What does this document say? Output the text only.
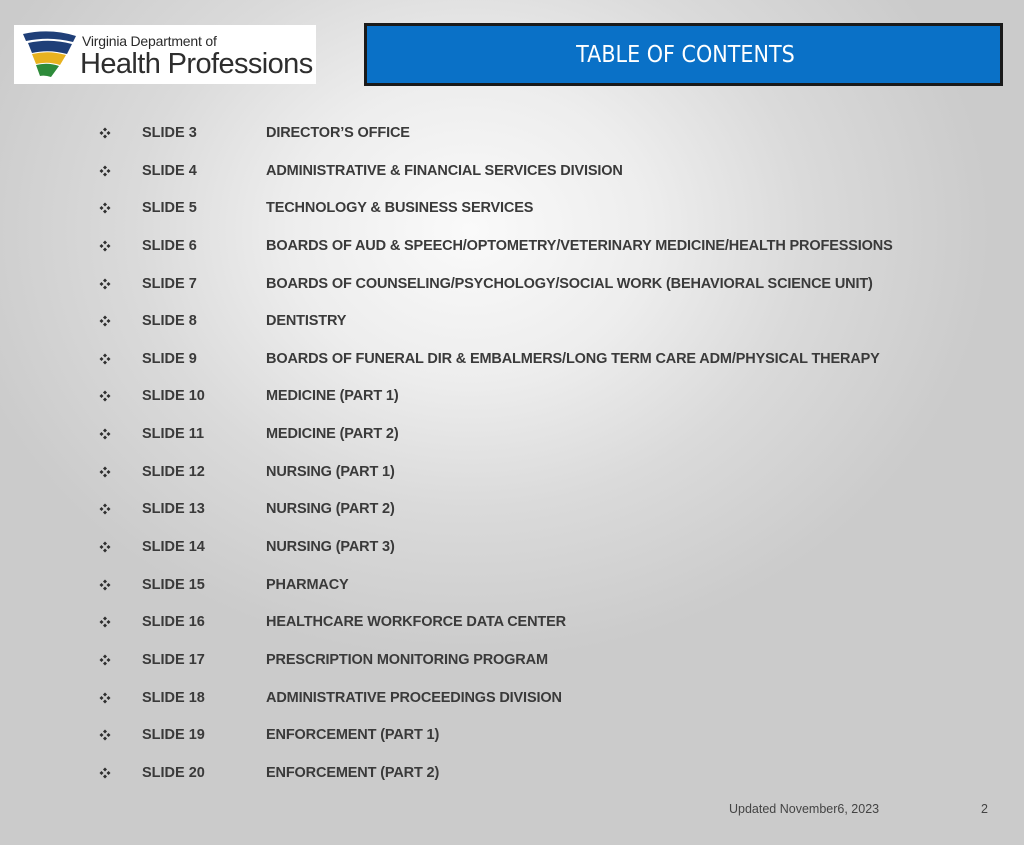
Virginia Department of
Health Professions	TABLE OF CONTENTS
SLIDE 3	DIRECTOR’S OFFICE
SLIDE 4	ADMINISTRATIVE & FINANCIAL SERVICES DIVISION
SLIDE 5	TECHNOLOGY & BUSINESS SERVICES
SLIDE 6	BOARDS OF AUD & SPEECH/OPTOMETRY/VETERINARY MEDICINE/HEALTH PROFESSIONS
SLIDE 7	BOARDS OF COUNSELING/PSYCHOLOGY/SOCIAL WORK (BEHAVIORAL SCIENCE UNIT)
SLIDE 8	DENTISTRY
SLIDE 9	BOARDS OF FUNERAL DIR & EMBALMERS/LONG TERM CARE ADM/PHYSICAL THERAPY
SLIDE 10	MEDICINE (PART 1)
SLIDE 11	MEDICINE (PART 2)
SLIDE 12	NURSING (PART 1)
SLIDE 13	NURSING (PART 2)
SLIDE 14	NURSING (PART 3)
SLIDE 15	PHARMACY
SLIDE 16	HEALTHCARE WORKFORCE DATA CENTER
SLIDE 17	PRESCRIPTION MONITORING PROGRAM
SLIDE 18	ADMINISTRATIVE PROCEEDINGS DIVISION
SLIDE 19	ENFORCEMENT (PART 1)
SLIDE 20	ENFORCEMENT (PART 2)
Updated November6, 2023	2
